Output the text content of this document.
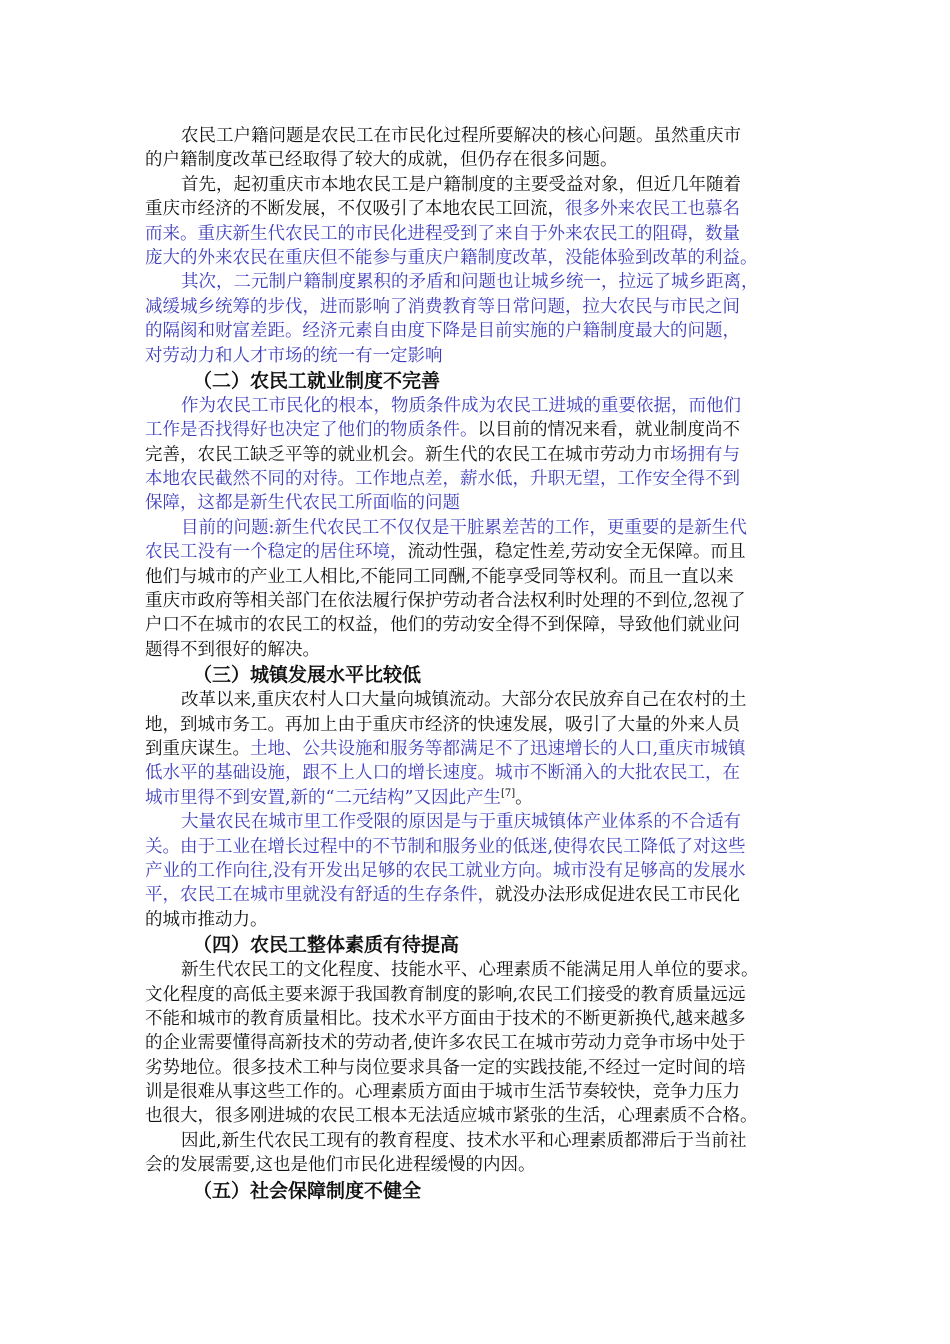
农民工户籍问题是农民工在市民化过程所要解决的核心问题。虽然重庆市
的户籍制度改革已经取得了较大的成就，但仍存在很多问题。
首先，起初重庆市本地农民工是户籍制度的主要受益对象，但近几年随着
重庆市经济的不断发展，不仅吸引了本地农民工回流，很多外来农民工也慕名
而来。重庆新生代农民工的市民化进程受到了来自于外来农民工的阻碍，数量
庞大的外来农民在重庆但不能参与重庆户籍制度改革，没能体验到改革的利益。
其次，二元制户籍制度累积的矛盾和问题也让城乡统一，拉远了城乡距离，
减缓城乡统筹的步伐，进而影响了消费教育等日常问题，拉大农民与市民之间
的隔阂和财富差距。经济元素自由度下降是目前实施的户籍制度最大的问题，
对劳动力和人才市场的统一有一定影响
（二）农民工就业制度不完善
作为农民工市民化的根本，物质条件成为农民工进城的重要依据，而他们
工作是否找得好也决定了他们的物质条件。以目前的情况来看，就业制度尚不
完善，农民工缺乏平等的就业机会。新生代的农民工在城市劳动力市场拥有与
本地农民截然不同的对待。工作地点差，薪水低，升职无望，工作安全得不到
保障，这都是新生代农民工所面临的问题
目前的问题:新生代农民工不仅仅是干脏累差苦的工作，更重要的是新生代
农民工没有一个稳定的居住环境，流动性强，稳定性差,劳动安全无保障。而且
他们与城市的产业工人相比,不能同工同酬,不能享受同等权利。而且一直以来
重庆市政府等相关部门在依法履行保护劳动者合法权利时处理的不到位,忽视了
户口不在城市的农民工的权益，他们的劳动安全得不到保障，导致他们就业问
题得不到很好的解决。
（三）城镇发展水平比较低
改革以来,重庆农村人口大量向城镇流动。大部分农民放弃自己在农村的土
地，到城市务工。再加上由于重庆市经济的快速发展，吸引了大量的外来人员
到重庆谋生。土地、公共设施和服务等都满足不了迅速增长的人口,重庆市城镇
低水平的基础设施，跟不上人口的增长速度。城市不断涌入的大批农民工，在
城市里得不到安置,新的“二元结构”又因此产生[7]。
大量农民在城市里工作受限的原因是与于重庆城镇体产业体系的不合适有
关。由于工业在增长过程中的不节制和服务业的低迷,使得农民工降低了对这些
产业的工作向往,没有开发出足够的农民工就业方向。城市没有足够高的发展水
平，农民工在城市里就没有舒适的生存条件，就没办法形成促进农民工市民化
的城市推动力。
（四）农民工整体素质有待提高
新生代农民工的文化程度、技能水平、心理素质不能满足用人单位的要求。
文化程度的高低主要来源于我国教育制度的影响,农民工们接受的教育质量远远
不能和城市的教育质量相比。技术水平方面由于技术的不断更新换代,越来越多
的企业需要懂得高新技术的劳动者,使许多农民工在城市劳动力竞争市场中处于
劣势地位。很多技术工种与岗位要求具备一定的实践技能,不经过一定时间的培
训是很难从事这些工作的。心理素质方面由于城市生活节奏较快，竞争力压力
也很大，很多刚进城的农民工根本无法适应城市紧张的生活，心理素质不合格。
因此,新生代农民工现有的教育程度、技术水平和心理素质都滞后于当前社
会的发展需要,这也是他们市民化进程缓慢的内因。
（五）社会保障制度不健全
